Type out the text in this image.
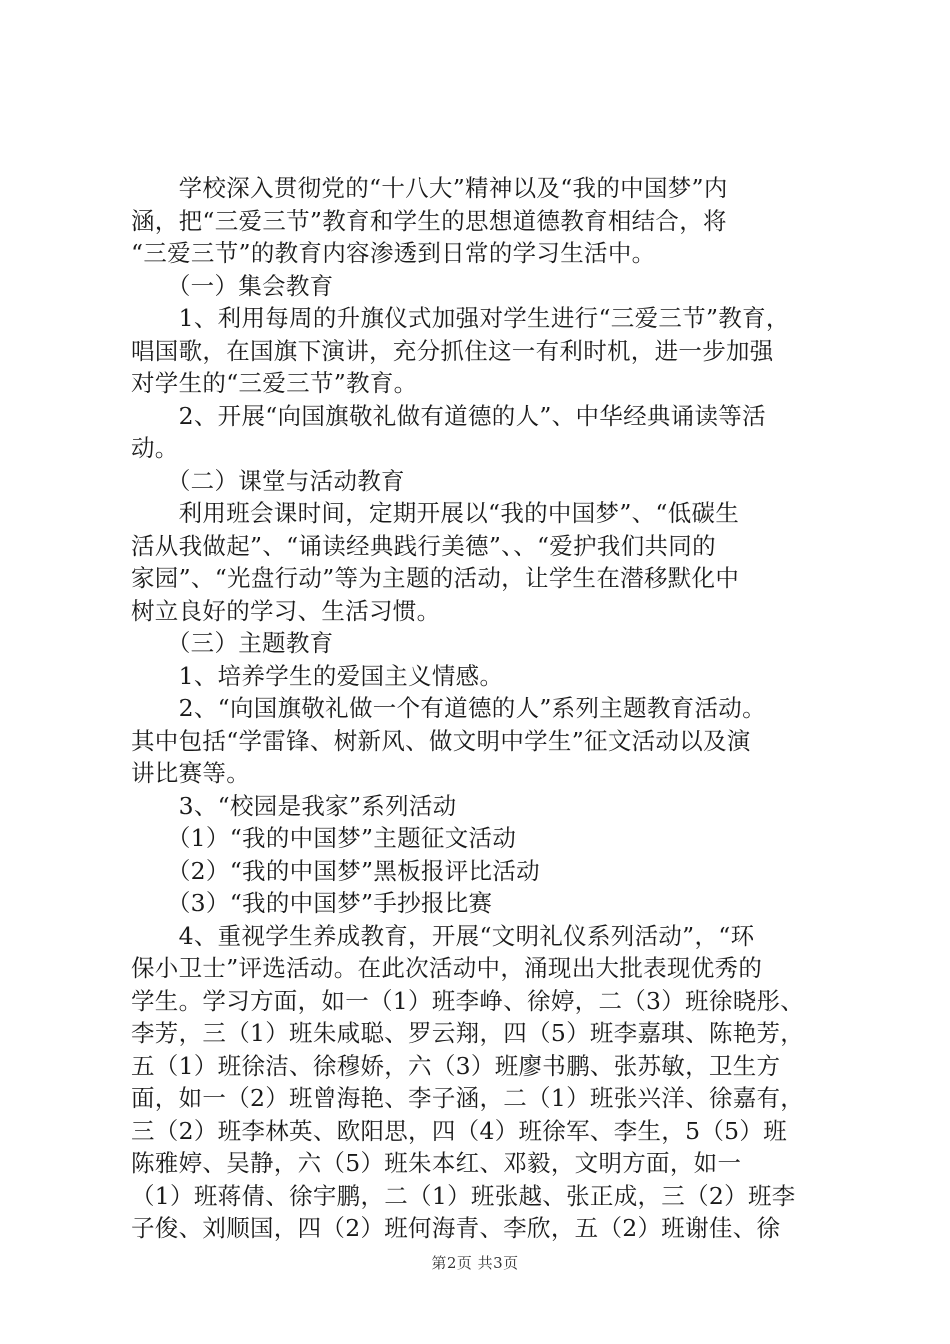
　　学校深入贯彻党的“十八大”精神以及“我的中国梦”内
涵，把“三爱三节”教育和学生的思想道德教育相结合，将
“三爱三节”的教育内容渗透到日常的学习生活中。
　　（一）集会教育
　　1、利用每周的升旗仪式加强对学生进行“三爱三节”教育，
唱国歌，在国旗下演讲，充分抓住这一有利时机，进一步加强
对学生的“三爱三节”教育。
　　2、开展“向国旗敬礼做有道德的人”、中华经典诵读等活
动。
　　（二）课堂与活动教育
　　利用班会课时间，定期开展以“我的中国梦”、“低碳生
活从我做起”、“诵读经典践行美德”、、“爱护我们共同的
家园”、“光盘行动”等为主题的活动，让学生在潜移默化中
树立良好的学习、生活习惯。
　　（三）主题教育
　　1、培养学生的爱国主义情感。
　　2、“向国旗敬礼做一个有道德的人”系列主题教育活动。
其中包括“学雷锋、树新风、做文明中学生”征文活动以及演
讲比赛等。
　　3、“校园是我家”系列活动
　　（1）“我的中国梦”主题征文活动
　　（2）“我的中国梦”黑板报评比活动
　　（3）“我的中国梦”手抄报比赛
　　4、重视学生养成教育，开展“文明礼仪系列活动”，“环
保小卫士”评选活动。在此次活动中，涌现出大批表现优秀的
学生。学习方面，如一（1）班李峥、徐婷，二（3）班徐晓彤、
李芳，三（1）班朱咸聪、罗云翔，四（5）班李嘉琪、陈艳芳，
五（1）班徐洁、徐穆娇，六（3）班廖书鹏、张苏敏，卫生方
面，如一（2）班曾海艳、李子涵，二（1）班张兴洋、徐嘉有，
三（2）班李林英、欧阳思，四（4）班徐军、李生，5（5）班
陈雅婷、吴静，六（5）班朱本红、邓毅，文明方面，如一
（1）班蒋倩、徐宇鹏，二（1）班张越、张正成，三（2）班李
子俊、刘顺国，四（2）班何海青、李欣，五（2）班谢佳、徐
第2页 共3页
